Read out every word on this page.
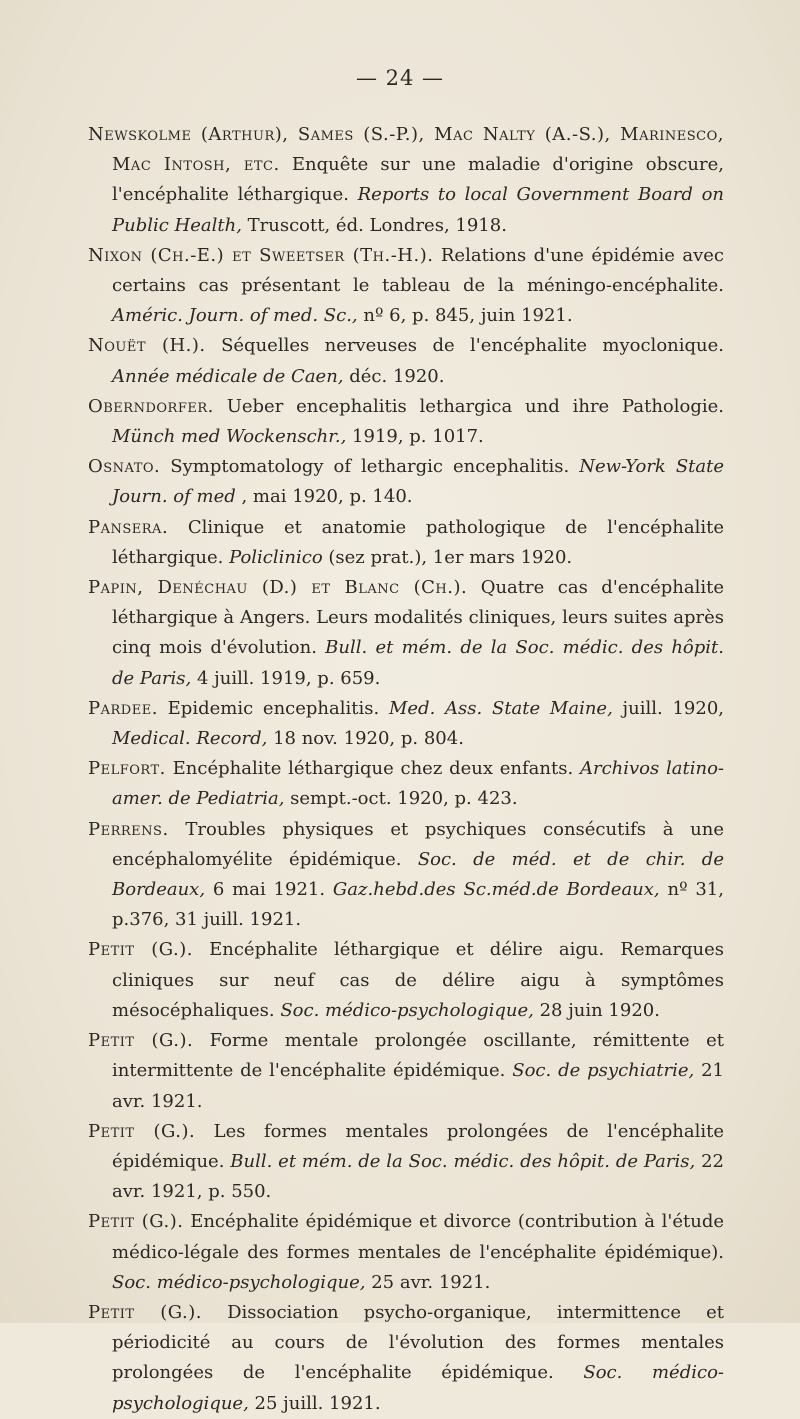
— 24 —

Newskolme (Arthur), Sames (S.-P.), Mac Nalty (A.-S.), Marinesco, Mac Intosh, etc. Enquête sur une maladie d'origine obscure, l'encéphalite léthargique. Reports to local Government Board on Public Health, Truscott, éd. Londres, 1918.

Nixon (Ch.-E.) et Sweetser (Th.-H.). Relations d'une épidémie avec certains cas présentant le tableau de la méningo-encéphalite. Améric. Journ. of med. Sc., nº 6, p. 845, juin 1921.

Nouët (H.). Séquelles nerveuses de l'encéphalite myoclonique. Année médicale de Caen, déc. 1920.

Oberndorfer. Ueber encephalitis lethargica und ihre Pathologie. Münch med Wockenschr., 1919, p. 1017.

Osnato. Symptomatology of lethargic encephalitis. New-York State Journ. of med , mai 1920, p. 140.

Pansera. Clinique et anatomie pathologique de l'encéphalite léthargique. Policlinico (sez prat.), 1er mars 1920.

Papin, Denéchau (D.) et Blanc (Ch.). Quatre cas d'encéphalite léthargique à Angers. Leurs modalités cliniques, leurs suites après cinq mois d'évolution. Bull. et mém. de la Soc. médic. des hôpit. de Paris, 4 juill. 1919, p. 659.

Pardee. Epidemic encephalitis. Med. Ass. State Maine, juill. 1920, Medical. Record, 18 nov. 1920, p. 804.

Pelfort. Encéphalite léthargique chez deux enfants. Archivos latino-amer. de Pediatria, sempt.-oct. 1920, p. 423.

Perrens. Troubles physiques et psychiques consécutifs à une encéphalomyélite épidémique. Soc. de méd. et de chir. de Bordeaux, 6 mai 1921. Gaz.hebd.des Sc.méd.de Bordeaux, nº 31, p.376, 31 juill. 1921.

Petit (G.). Encéphalite léthargique et délire aigu. Remarques cliniques sur neuf cas de délire aigu à symptômes mésocéphaliques. Soc. médico-psychologique, 28 juin 1920.

Petit (G.). Forme mentale prolongée oscillante, rémittente et intermittente de l'encéphalite épidémique. Soc. de psychiatrie, 21 avr. 1921.

Petit (G.). Les formes mentales prolongées de l'encéphalite épidémique. Bull. et mém. de la Soc. médic. des hôpit. de Paris, 22 avr. 1921, p. 550.

Petit (G.). Encéphalite épidémique et divorce (contribution à l'étude médico-légale des formes mentales de l'encéphalite épidémique). Soc. médico-psychologique, 25 avr. 1921.

Petit (G.). Dissociation psycho-organique, intermittence et périodicité au cours de l'évolution des formes mentales prolongées de l'encéphalite épidémique. Soc. médico-psychologique, 25 juill. 1921.
